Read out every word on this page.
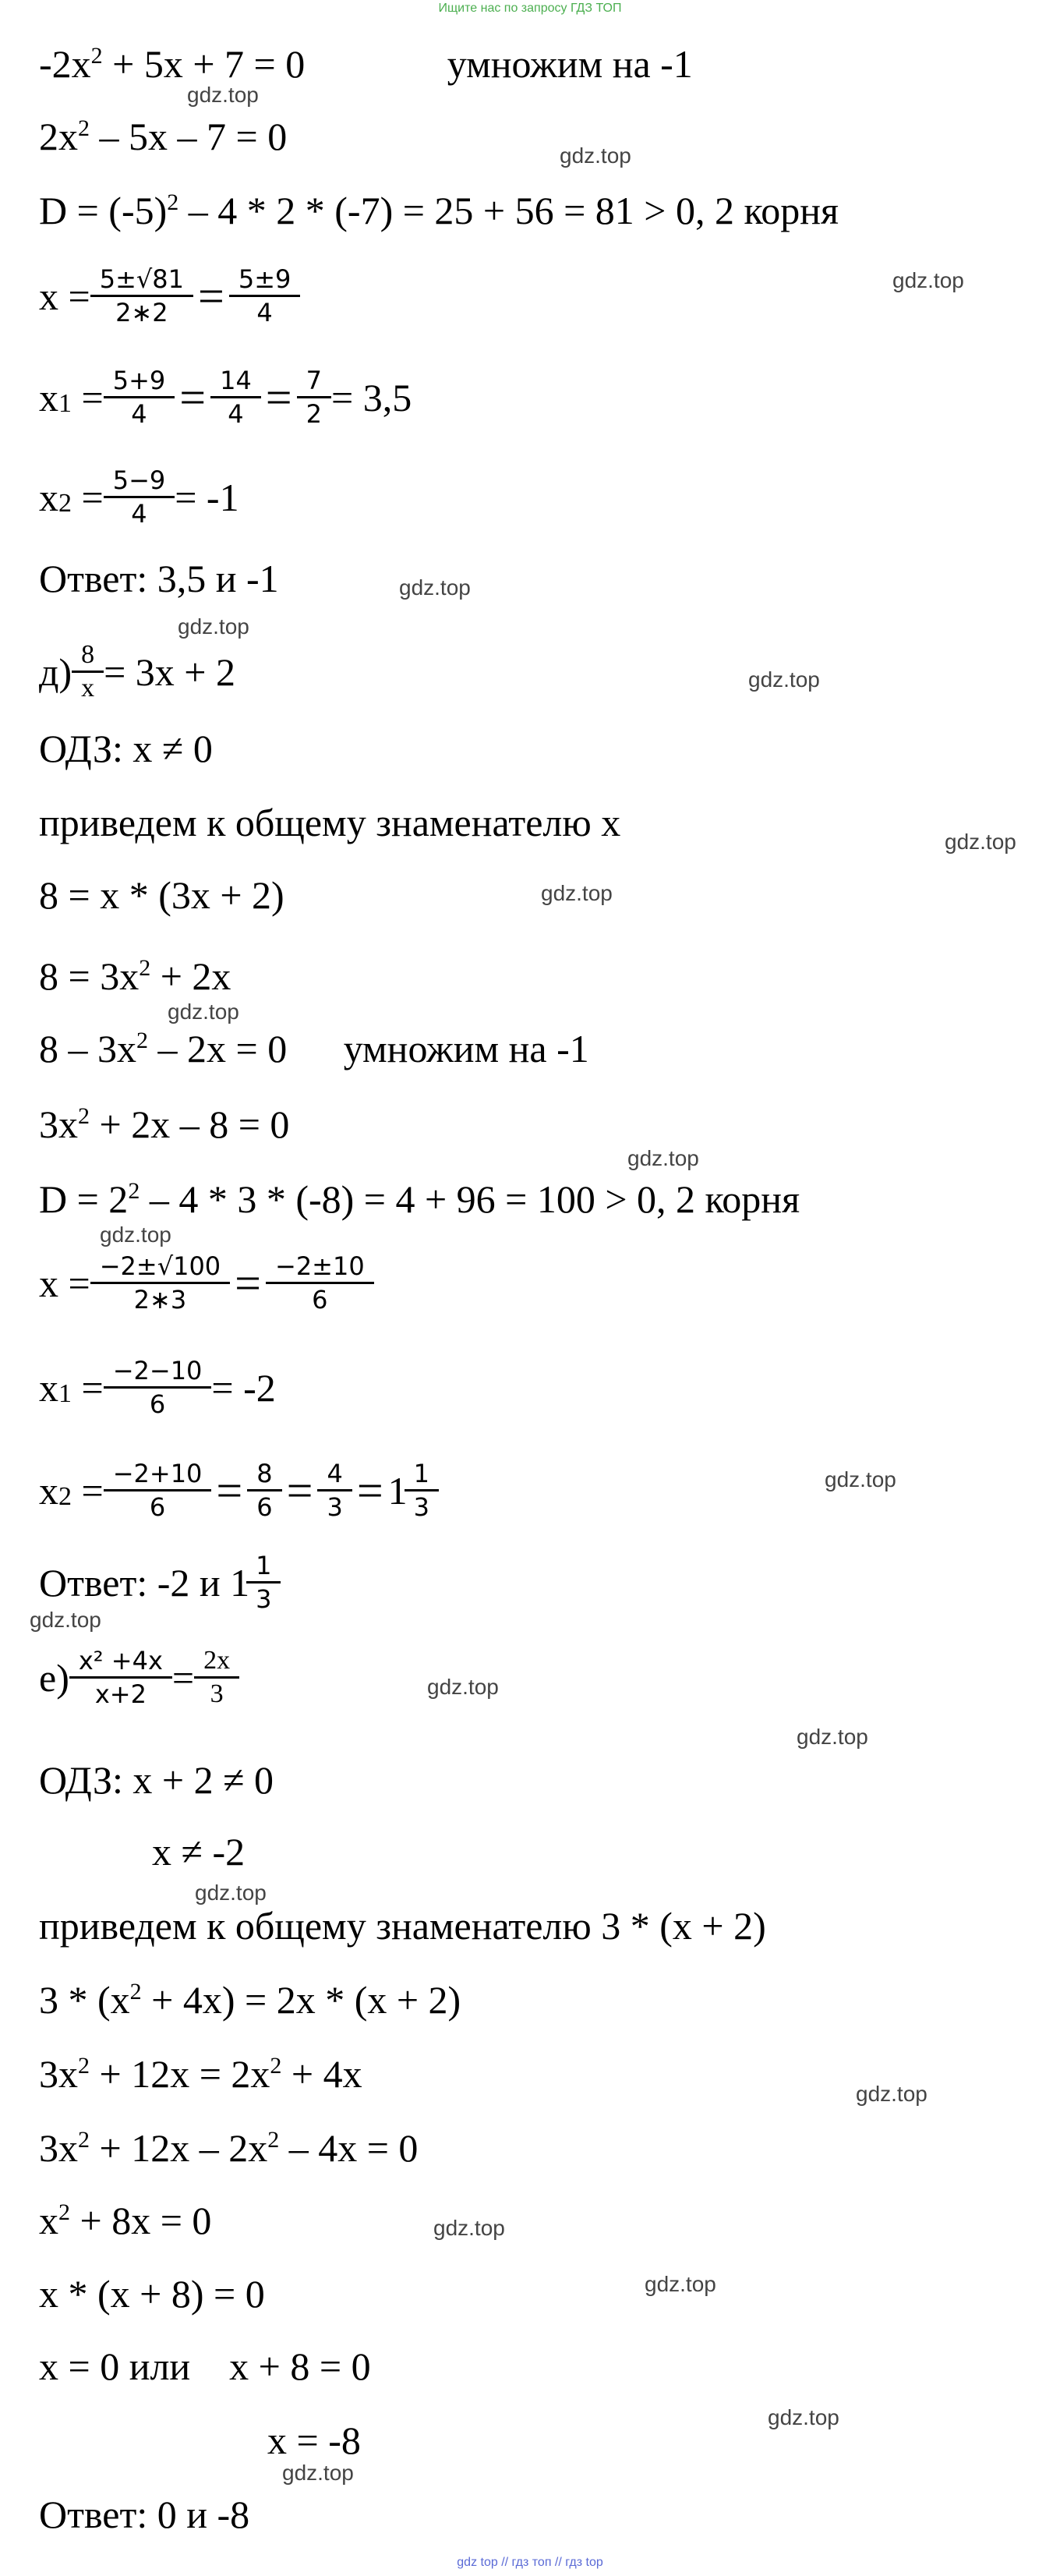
Ищите нас по запросу ГДЗ ТОП
$-2x^2 + 5x + 7 = 0$	умножим на -1
$2x^2 - 5x - 7 = 0$
$D = (-5)^2 - 4 * 2 * (-7) = 25 + 56 = 81 > 0$, 2 корня
$x = \frac{5\pm√81}{2∗2} = \frac{5\pm 9}{4}$
x $1 = \frac{5+9}{4} = \frac{14}{4} = \frac{7}{2} = 3,5$
x $2 = \frac{5-9}{4} = -1$
Ответ: 3,5 и -1
$д) \frac{8}{x} = 3x + 2$
ОДЗ: x ≠ 0
приведем к общему знаменателю x
8 = x * (3x + 2)
$8 = 3x^2 + 2x$
$8 - 3x^2 - 2x = 0$ умножим на -1
$3x^2 + 2x - 8 = 0$
$D = 2^2 - 4 * 3 * (-8) = 4 + 96 = 100 > 0$, 2 корня
$x = \frac{-2\pm√100}{2∗3} = \frac{-2\pm 10}{6}$
x $1 = \frac{-2-10}{6} = -2$
x $2 = \frac{-2+10}{6} = \frac{8}{6} = \frac{4}{3} = 1 \frac{1}{3}$
Ответ: -2 и $1 \frac{1}{3}$
$е) \frac{\text{x² +4x}}{x+2} = \frac{2x}{3}$
ОДЗ: x + 2 ≠ 0
x ≠ -2
приведем к общему знаменателю 3 * (x + 2)
$3 * (x^2 + 4x) = 2x * (x + 2)$
$3x^2 + 12x = 2x^2 + 4x$
$3x^2 + 12x - 2x^2 - 4x = 0$
$x^2 + 8x = 0$
x * (x + 8) = 0
x = 0 или x + 8 = 0
x = -8
Ответ: 0 и -8
gdz.top
gdz.top
gdz.top
gdz.top
gdz.top
gdz.top
gdz.top
gdz.top
gdz.top
gdz.top
gdz.top
gdz.top
gdz.top
gdz.top
gdz.top
gdz.top
gdz.top
gdz.top
gdz.top
gdz.top
gdz.top
gdz top // гдз топ // гдз top
